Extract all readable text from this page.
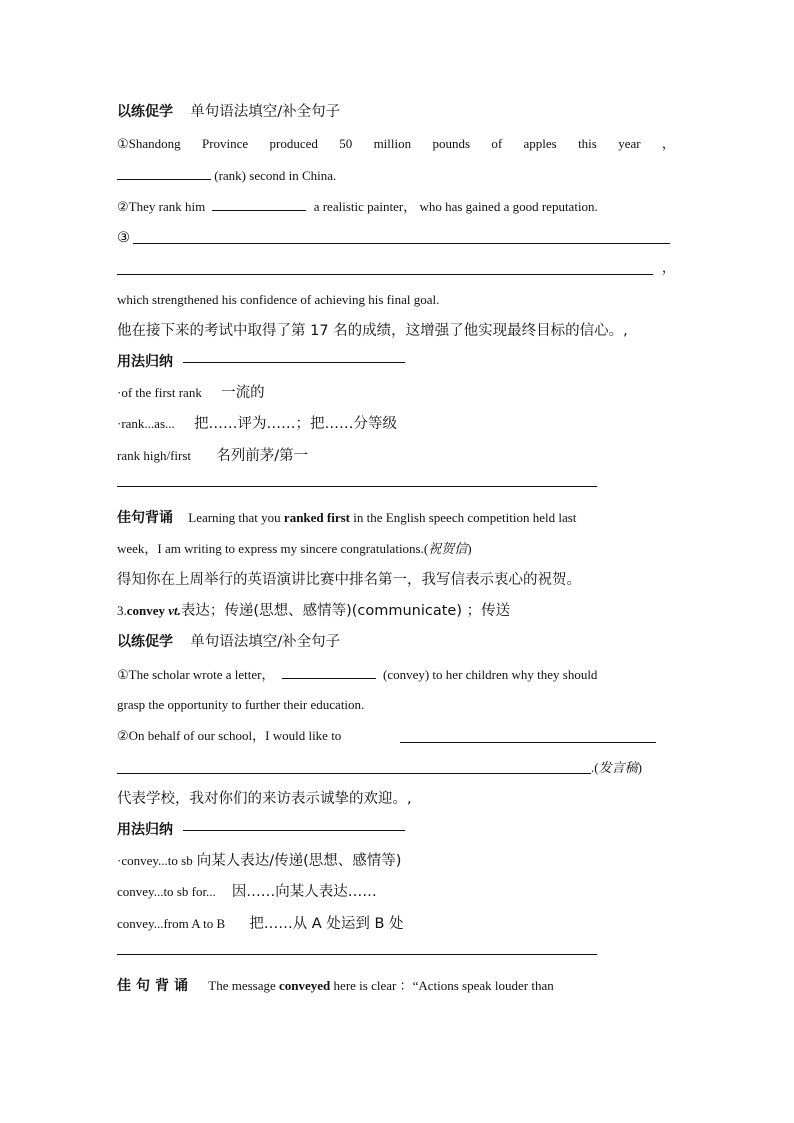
以练促学 单句语法填空/补全句子
①Shandong Province produced 50 million pounds of apples this year ，
(rank) second in China.
②They rank him	a realistic painter， who has gained a good reputation.
③
，
which strengthened his confidence of achieving his final goal.
他在接下来的考试中取得了第 17 名的成绩，这增强了他实现最终目标的信心。,
用法归纳
·of the first rank 一流的
·rank...as... 把……评为……；把……分等级
rank high/first 名列前茅/第一
佳句背诵 Learning that you ranked first in the English speech competition held last
week，I am writing to express my sincere congratulations.(祝贺信)
得知你在上周举行的英语演讲比赛中排名第一，我写信表示衷心的祝贺。
3.convey vt.表达；传递(思想、感情等)(communicate) ；传送
以练促学 单句语法填空/补全句子
①The scholar wrote a letter，	(convey) to her children why they should
grasp the opportunity to further their education.
②On behalf of our school，I would like to
.(发言稿)
代表学校，我对你们的来访表示诚挚的欢迎。,
用法归纳
·convey...to sb 向某人表达/传递(思想、感情等)
convey...to sb for... 因……向某人表达……
convey...from A to B 把……从 A 处运到 B 处
佳句背诵 The message conveyed here is clear ：“Actions speak louder than
